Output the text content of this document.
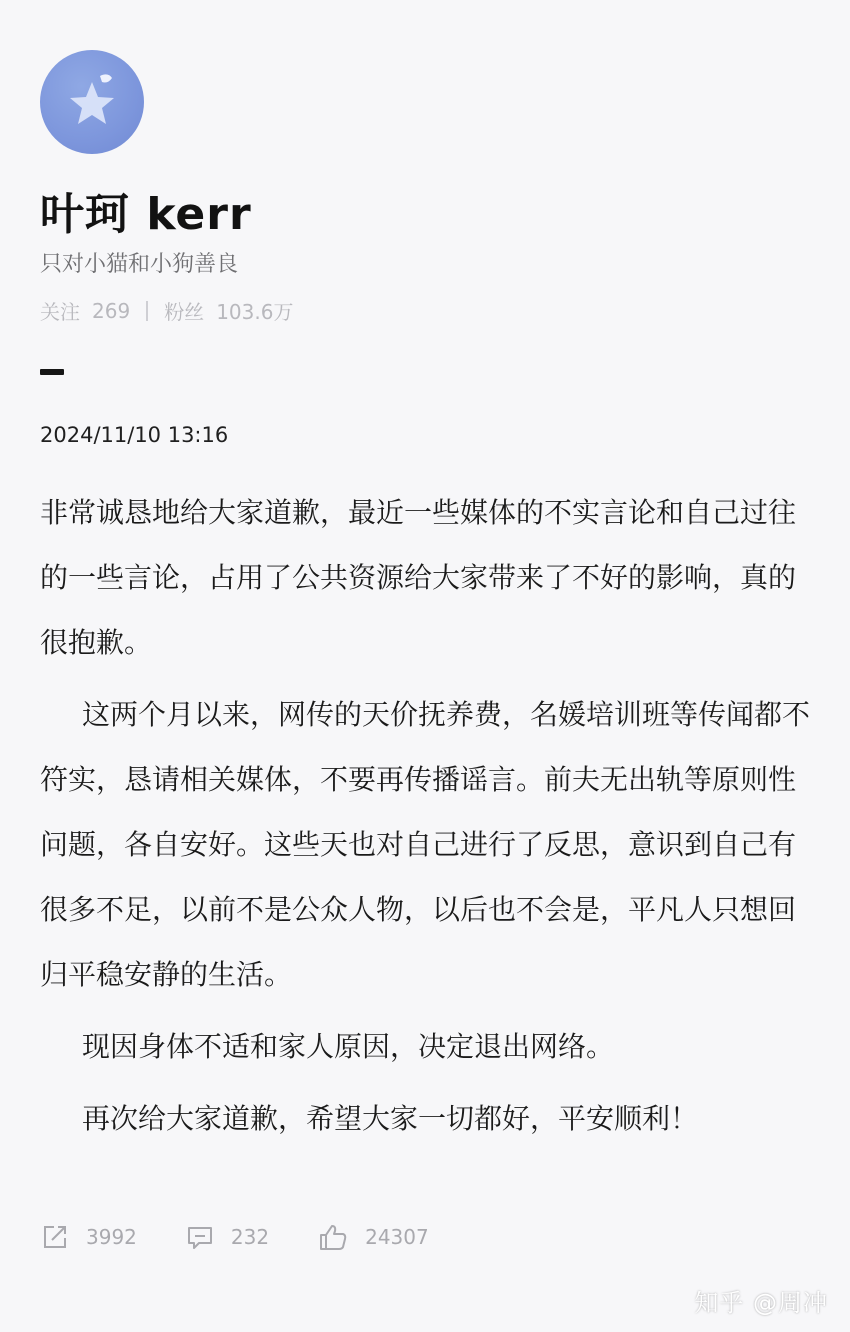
叶珂 kerr
只对小猫和小狗善良
关注 269 粉丝 103.6万
2024/11/10 13:16

非常诚恳地给大家道歉，最近一些媒体的不实言论和自己过往的一些言论，占用了公共资源给大家带来了不好的影响，真的很抱歉。

这两个月以来，网传的天价抚养费，名媛培训班等传闻都不符实，恳请相关媒体，不要再传播谣言。前夫无出轨等原则性问题，各自安好。这些天也对自己进行了反思，意识到自己有很多不足，以前不是公众人物，以后也不会是，平凡人只想回归平稳安静的生活。

现因身体不适和家人原因，决定退出网络。

再次给大家道歉，希望大家一切都好，平安顺利！

3992	232	24307
知乎 @周冲
